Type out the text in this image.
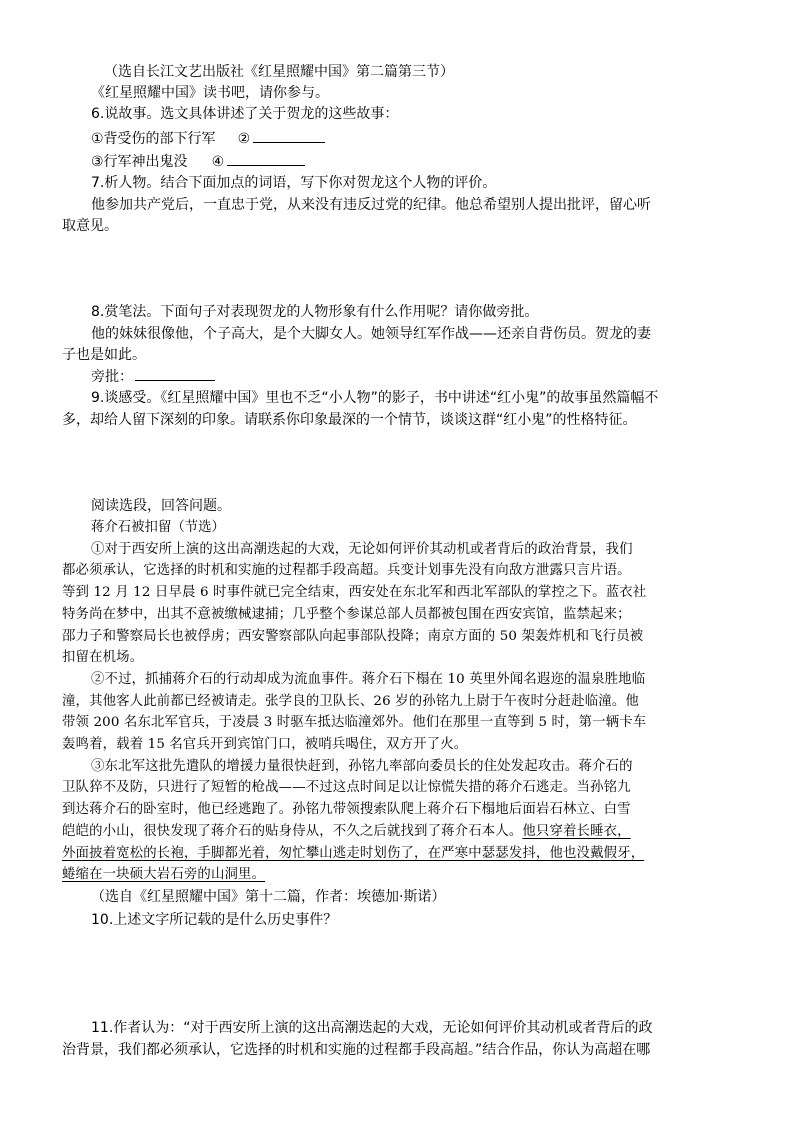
（选自长江文艺出版社《红星照耀中国》第二篇第三节）
《红星照耀中国》读书吧，请你参与。
6.说故事。选文具体讲述了关于贺龙的这些故事：
①背受伤的部下行军 ②
③行军神出鬼没 ④
7.析人物。结合下面加点的词语，写下你对贺龙这个人物的评价。
他参加共产党后，一直忠于党，从来没有违反过党的纪律。他总希望别人提出批评，留心听
取意见。
8.赏笔法。下面句子对表现贺龙的人物形象有什么作用呢？请你做旁批。
他的妹妹很像他，个子高大，是个大脚女人。她领导红军作战——还亲自背伤员。贺龙的妻
子也是如此。
旁批：
9.谈感受。《红星照耀中国》里也不乏“小人物”的影子，书中讲述“红小鬼”的故事虽然篇幅不
多，却给人留下深刻的印象。请联系你印象最深的一个情节，谈谈这群“红小鬼”的性格特征。
阅读选段，回答问题。
蒋介石被扣留（节选）
①对于西安所上演的这出高潮迭起的大戏，无论如何评价其动机或者背后的政治背景，我们
都必须承认，它选择的时机和实施的过程都手段高超。兵变计划事先没有向敌方泄露只言片语。
等到 12 月 12 日早晨 6 时事件就已完全结束，西安处在东北军和西北军部队的掌控之下。蓝衣社
特务尚在梦中，出其不意被缴械逮捕；几乎整个参谋总部人员都被包围在西安宾馆，监禁起来；
邵力子和警察局长也被俘虏；西安警察部队向起事部队投降；南京方面的 50 架轰炸机和飞行员被
扣留在机场。
②不过，抓捕蒋介石的行动却成为流血事件。蒋介石下榻在 10 英里外闻名遐迩的温泉胜地临
潼，其他客人此前都已经被请走。张学良的卫队长、26 岁的孙铭九上尉于午夜时分赶赴临潼。他
带领 200 名东北军官兵，于凌晨 3 时驱车抵达临潼郊外。他们在那里一直等到 5 时，第一辆卡车
轰鸣着，载着 15 名官兵开到宾馆门口，被哨兵喝住，双方开了火。
③东北军这批先遣队的增援力量很快赶到，孙铭九率部向委员长的住处发起攻击。蒋介石的
卫队猝不及防，只进行了短暂的枪战——不过这点时间足以让惊慌失措的蒋介石逃走。当孙铭九
到达蒋介石的卧室时，他已经逃跑了。孙铭九带领搜索队爬上蒋介石下榻地后面岩石林立、白雪
皑皑的小山，很快发现了蒋介石的贴身侍从，不久之后就找到了蒋介石本人。他只穿着长睡衣，
外面披着宽松的长袍，手脚都光着，匆忙攀山逃走时划伤了，在严寒中瑟瑟发抖，他也没戴假牙，
蜷缩在一块硕大岩石旁的山洞里。
（选自《红星照耀中国》第十二篇，作者：埃德加·斯诺）
10.上述文字所记载的是什么历史事件？
11.作者认为：“对于西安所上演的这出高潮迭起的大戏，无论如何评价其动机或者背后的政
治背景，我们都必须承认，它选择的时机和实施的过程都手段高超。”结合作品，你认为高超在哪
